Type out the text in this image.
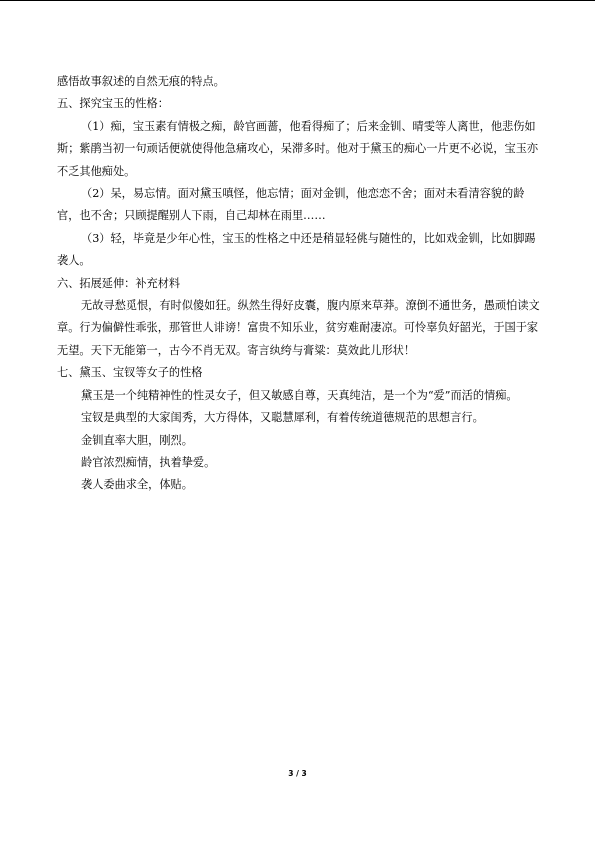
感悟故事叙述的自然无痕的特点。

五、探究宝玉的性格：

（1）痴，宝玉素有情极之痴，龄官画蔷，他看得痴了；后来金钏、晴雯等人离世，他悲伤如斯；紫鹃当初一句顽话便就使得他急痛攻心，呆滞多时。他对于黛玉的痴心一片更不必说，宝玉亦不乏其他痴处。

（2）呆，易忘情。面对黛玉嗔怪，他忘情；面对金钏，他恋恋不舍；面对未看清容貌的龄官，也不舍；只顾提醒别人下雨，自己却林在雨里……

（3）轻，毕竟是少年心性，宝玉的性格之中还是稍显轻佻与随性的，比如戏金钏，比如脚踢袭人。

六、拓展延伸：补充材料

无故寻愁觅恨，有时似傻如狂。纵然生得好皮囊，腹内原来草莽。潦倒不通世务，愚顽怕读文章。行为偏僻性乖张，那管世人诽谤！富贵不知乐业，贫穷难耐凄凉。可怜辜负好韶光，于国于家无望。天下无能第一，古今不肖无双。寄言纨绔与膏粱：莫效此儿形状！

七、黛玉、宝钗等女子的性格

黛玉是一个纯精神性的性灵女子，但又敏感自尊，天真纯洁，是一个为“爱”而活的情痴。

宝钗是典型的大家闺秀，大方得体，又聪慧犀利，有着传统道德规范的思想言行。

金钏直率大胆，刚烈。

龄官浓烈痴情，执着挚爱。

袭人委曲求全，体贴。

3 / 3
